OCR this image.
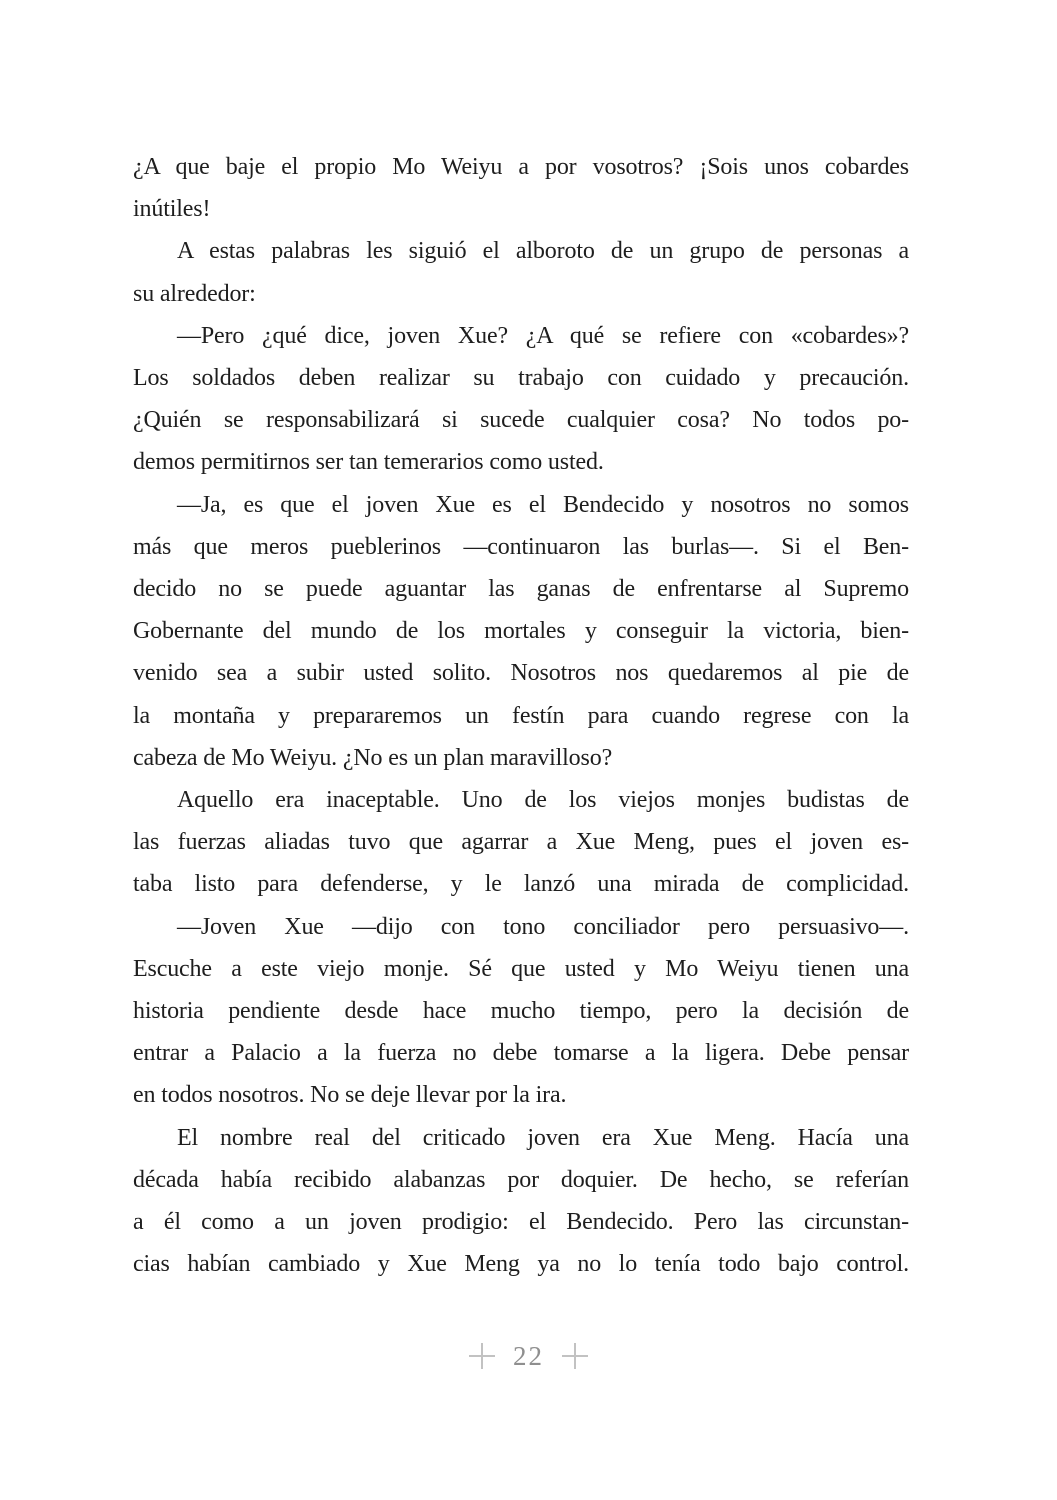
¿A que baje el propio Mo Weiyu a por vosotros? ¡Sois unos cobardes
inútiles!
A estas palabras les siguió el alboroto de un grupo de personas a
su alrededor:
—Pero ¿qué dice, joven Xue? ¿A qué se refiere con «cobardes»?
Los soldados deben realizar su trabajo con cuidado y precaución.
¿Quién se responsabilizará si sucede cualquier cosa? No todos po-
demos permitirnos ser tan temerarios como usted.
—Ja, es que el joven Xue es el Bendecido y nosotros no somos
más que meros pueblerinos —continuaron las burlas—. Si el Ben-
decido no se puede aguantar las ganas de enfrentarse al Supremo
Gobernante del mundo de los mortales y conseguir la victoria, bien-
venido sea a subir usted solito. Nosotros nos quedaremos al pie de
la montaña y prepararemos un festín para cuando regrese con la
cabeza de Mo Weiyu. ¿No es un plan maravilloso?
Aquello era inaceptable. Uno de los viejos monjes budistas de
las fuerzas aliadas tuvo que agarrar a Xue Meng, pues el joven es-
taba listo para defenderse, y le lanzó una mirada de complicidad.
—Joven Xue —dijo con tono conciliador pero persuasivo—.
Escuche a este viejo monje. Sé que usted y Mo Weiyu tienen una
historia pendiente desde hace mucho tiempo, pero la decisión de
entrar a Palacio a la fuerza no debe tomarse a la ligera. Debe pensar
en todos nosotros. No se deje llevar por la ira.
El nombre real del criticado joven era Xue Meng. Hacía una
década había recibido alabanzas por doquier. De hecho, se referían
a él como a un joven prodigio: el Bendecido. Pero las circunstan-
cias habían cambiado y Xue Meng ya no lo tenía todo bajo control.
22
